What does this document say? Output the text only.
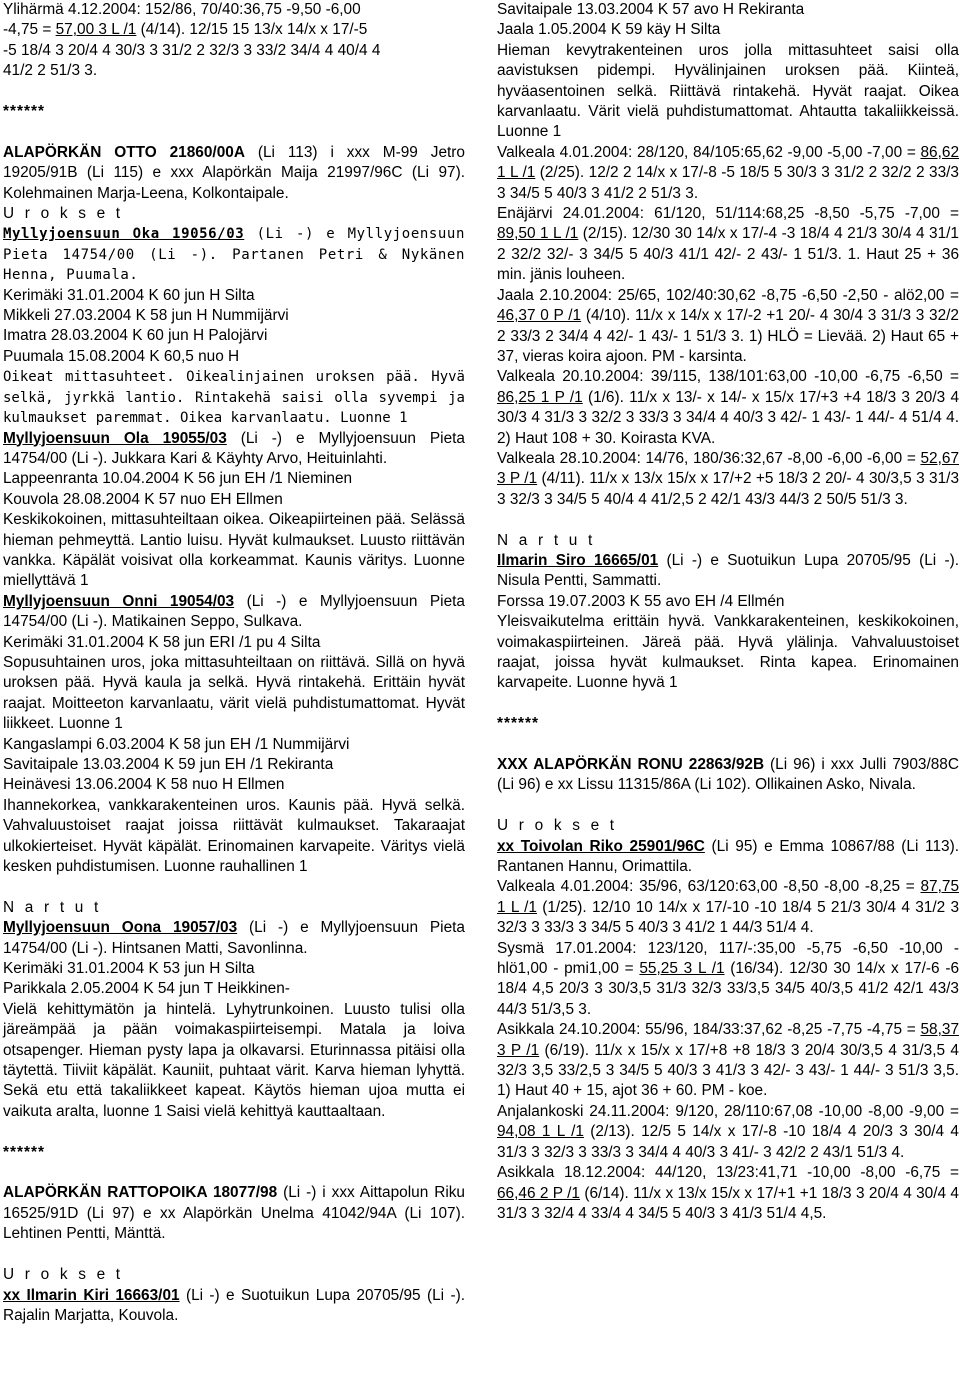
Ylihärmä 4.12.2004: 152/86, 70/40:36,75 -9,50 -6,00
-4,75 = 57,00 3 L /1 (4/14). 12/15 15 13/x 14/x x 17/-5
-5 18/4 3 20/4 4 30/3 3 31/2 2 32/3 3 33/2 34/4 4 40/4 4
41/2 2 51/3 3.

******

ALAPÖRKÄN OTTO 21860/00A (Li 113) i xxx M-99 Jetro 19205/91B (Li 115) e xxx Alapörkän Maija 21997/96C (Li 97). Kolehmainen Marja-Leena, Kolkontaipale.

U r o k s e t

Myllyjoensuun Oka 19056/03 (Li -) e Myllyjoensuun Pieta 14754/00 (Li -). Partanen Petri & Nykänen Henna, Puumala.

Kerimäki 31.01.2004 K 60 jun H Silta
Mikkeli 27.03.2004 K 58 jun H Nummijärvi
Imatra 28.03.2004 K 60 jun H Palojärvi
Puumala 15.08.2004 K 60,5 nuo H

Oikeat mittasuhteet. Oikealinjainen uroksen pää. Hyvä selkä, jyrkkä lantio. Rintakehä saisi olla syvempi ja kulmaukset paremmat. Oikea karvanlaatu. Luonne 1

Myllyjoensuun Ola 19055/03 (Li -) e Myllyjoensuun Pieta 14754/00 (Li -). Jukkara Kari & Käyhty Arvo, Heituinlahti.

Lappeenranta 10.04.2004 K 56 jun EH /1 Nieminen
Kouvola 28.08.2004 K 57 nuo EH Ellmen

Keskikokoinen, mittasuhteiltaan oikea. Oikeapiirteinen pää. Selässä hieman pehmeyttä. Lantio luisu. Hyvät kulmaukset. Luusto riittävän vankka. Käpälät voisivat olla korkeammat. Kaunis väritys. Luonne miellyttävä 1

Myllyjoensuun Onni 19054/03 (Li -) e Myllyjoensuun Pieta 14754/00 (Li -). Matikainen Seppo, Sulkava.

Kerimäki 31.01.2004 K 58 jun ERI /1 pu 4 Silta

Sopusuhtainen uros, joka mittasuhteiltaan on riittävä. Sillä on hyvä uroksen pää. Hyvä kaula ja selkä. Hyvä rintakehä. Erittäin hyvät raajat. Moitteeton karvanlaatu, värit vielä puhdistumattomat. Hyvät liikkeet. Luonne 1

Kangaslampi 6.03.2004 K 58 jun EH /1 Nummijärvi
Savitaipale 13.03.2004 K 59 jun EH /1 Rekiranta
Heinävesi 13.06.2004 K 58 nuo H Ellmen

Ihannekorkea, vankkarakenteinen uros. Kaunis pää. Hyvä selkä. Vahvaluustoiset raajat joissa riittävät kulmaukset. Takaraajat ulkokierteiset. Hyvät käpälät. Erinomainen karvapeite. Väritys vielä kesken puhdistumisen. Luonne rauhallinen 1

N a r t u t

Myllyjoensuun Oona 19057/03 (Li -) e Myllyjoensuun Pieta 14754/00 (Li -). Hintsanen Matti, Savonlinna.

Kerimäki 31.01.2004 K 53 jun H Silta
Parikkala 2.05.2004 K 54 jun T Heikkinen-

Vielä kehittymätön ja hintelä. Lyhytrunkoinen. Luusto tulisi olla järeämpää ja pään voimakaspiirteisempi. Matala ja loiva otsapenger. Hieman pysty lapa ja olkavarsi. Eturinnassa pitäisi olla täytettä. Tiiviit käpälät. Kauniit, puhtaat värit. Karva hieman lyhyttä. Sekä etu että takaliikkeet kapeat. Käytös hieman ujoa mutta ei vaikuta aralta, luonne 1 Saisi vielä kehittyä kauttaaltaan.

******

ALAPÖRKÄN RATTOPOIKA 18077/98 (Li -) i xxx Aittapolun Riku 16525/91D (Li 97) e xx Alapörkän Unelma 41042/94A (Li 107). Lehtinen Pentti, Mänttä.

U r o k s e t

xx Ilmarin Kiri 16663/01 (Li -) e Suotuikun Lupa 20705/95 (Li -). Rajalin Marjatta, Kouvola.

Savitaipale 13.03.2004 K 57 avo H Rekiranta
Jaala 1.05.2004 K 59 käy H Silta

Hieman kevytrakenteinen uros jolla mittasuhteet saisi olla aavistuksen pidempi. Hyvälinjainen uroksen pää. Kiinteä, hyväasentoinen selkä. Riittävä rintakehä. Hyvät raajat. Oikea karvanlaatu. Värit vielä puhdistumattomat. Ahtautta takaliikkeissä. Luonne 1

Valkeala 4.01.2004: 28/120, 84/105:65,62 -9,00 -5,00 -7,00 = 86,62 1 L /1 (2/25). 12/2 2 14/x x 17/-8 -5 18/5 5 30/3 3 31/2 2 32/2 2 33/3 3 34/5 5 40/3 3 41/2 2 51/3 3.

Enäjärvi 24.01.2004: 61/120, 51/114:68,25 -8,50 -5,75 -7,00 = 89,50 1 L /1 (2/15). 12/30 30 14/x x 17/-4 -3 18/4 4 21/3 30/4 4 31/1 2 32/2 32/- 3 34/5 5 40/3 41/1 42/- 2 43/- 1 51/3. 1. Haut 25 + 36 min. jänis louheen.

Jaala 2.10.2004: 25/65, 102/40:30,62 -8,75 -6,50 -2,50 - alö2,00 = 46,37 0 P /1 (4/10). 11/x x 14/x x 17/-2 +1 20/- 4 30/4 3 31/3 3 32/2 2 33/3 2 34/4 4 42/- 1 43/- 1 51/3 3. 1) HLÖ = Lievää. 2) Haut 65 + 37, vieras koira ajoon. PM - karsinta.

Valkeala 20.10.2004: 39/115, 138/101:63,00 -10,00 -6,75 -6,50 = 86,25 1 P /1 (1/6). 11/x x 13/- x 14/- x 15/x 17/+3 +4 18/3 3 20/3 4 30/3 4 31/3 3 32/2 3 33/3 3 34/4 4 40/3 3 42/- 1 43/- 1 44/- 4 51/4 4. 2) Haut 108 + 30. Koirasta KVA.

Valkeala 28.10.2004: 14/76, 180/36:32,67 -8,00 -6,00 -6,00 = 52,67 3 P /1 (4/11). 11/x x 13/x 15/x x 17/+2 +5 18/3 2 20/- 4 30/3,5 3 31/3 3 32/3 3 34/5 5 40/4 4 41/2,5 2 42/1 43/3 44/3 2 50/5 51/3 3.

N a r t u t

Ilmarin Siro 16665/01 (Li -) e Suotuikun Lupa 20705/95 (Li -). Nisula Pentti, Sammatti.

Forssa 19.07.2003 K 55 avo EH /4 Ellmén

Yleisvaikutelma erittäin hyvä. Vankkarakenteinen, keskikokoinen, voimakaspiirteinen. Järeä pää. Hyvä ylälinja. Vahvaluustoiset raajat, joissa hyvät kulmaukset. Rinta kapea. Erinomainen karvapeite. Luonne hyvä 1

******

XXX ALAPÖRKÄN RONU 22863/92B (Li 96) i xxx Julli 7903/88C (Li 96) e xx Lissu 11315/86A (Li 102). Ollikainen Asko, Nivala.

U r o k s e t

xx Toivolan Riko 25901/96C (Li 95) e Emma 10867/88 (Li 113). Rantanen Hannu, Orimattila.

Valkeala 4.01.2004: 35/96, 63/120:63,00 -8,50 -8,00 -8,25 = 87,75 1 L /1 (1/25). 12/10 10 14/x x 17/-10 -10 18/4 5 21/3 30/4 4 31/2 3 32/3 3 33/3 3 34/5 5 40/3 3 41/2 1 44/3 51/4 4.

Sysmä 17.01.2004: 123/120, 117/-:35,00 -5,75 -6,50 -10,00 - hlö1,00 - pmi1,00 = 55,25 3 L /1 (16/34). 12/30 30 14/x x 17/-6 -6 18/4 4,5 20/3 3 30/3,5 31/3 32/3 33/3,5 34/5 40/3,5 41/2 42/1 43/3 44/3 51/3,5 3.

Asikkala 24.10.2004: 55/96, 184/33:37,62 -8,25 -7,75 -4,75 = 58,37 3 P /1 (6/19). 11/x x 15/x x 17/+8 +8 18/3 3 20/4 30/3,5 4 31/3,5 4 32/3 3,5 33/2,5 3 34/5 5 40/3 3 41/3 3 42/- 3 43/- 1 44/- 3 51/3 3,5. 1) Haut 40 + 15, ajot 36 + 60. PM - koe.

Anjalankoski 24.11.2004: 9/120, 28/110:67,08 -10,00 -8,00 -9,00 = 94,08 1 L /1 (2/13). 12/5 5 14/x x 17/-8 -10 18/4 4 20/3 3 30/4 4 31/3 3 32/3 3 33/3 3 34/4 4 40/3 3 41/- 3 42/2 2 43/1 51/3 4.

Asikkala 18.12.2004: 44/120, 13/23:41,71 -10,00 -8,00 -6,75 = 66,46 2 P /1 (6/14). 11/x x 13/x 15/x x 17/+1 +1 18/3 3 20/4 4 30/4 4 31/3 3 32/4 4 33/4 4 34/5 5 40/3 3 41/3 51/4 4,5.
